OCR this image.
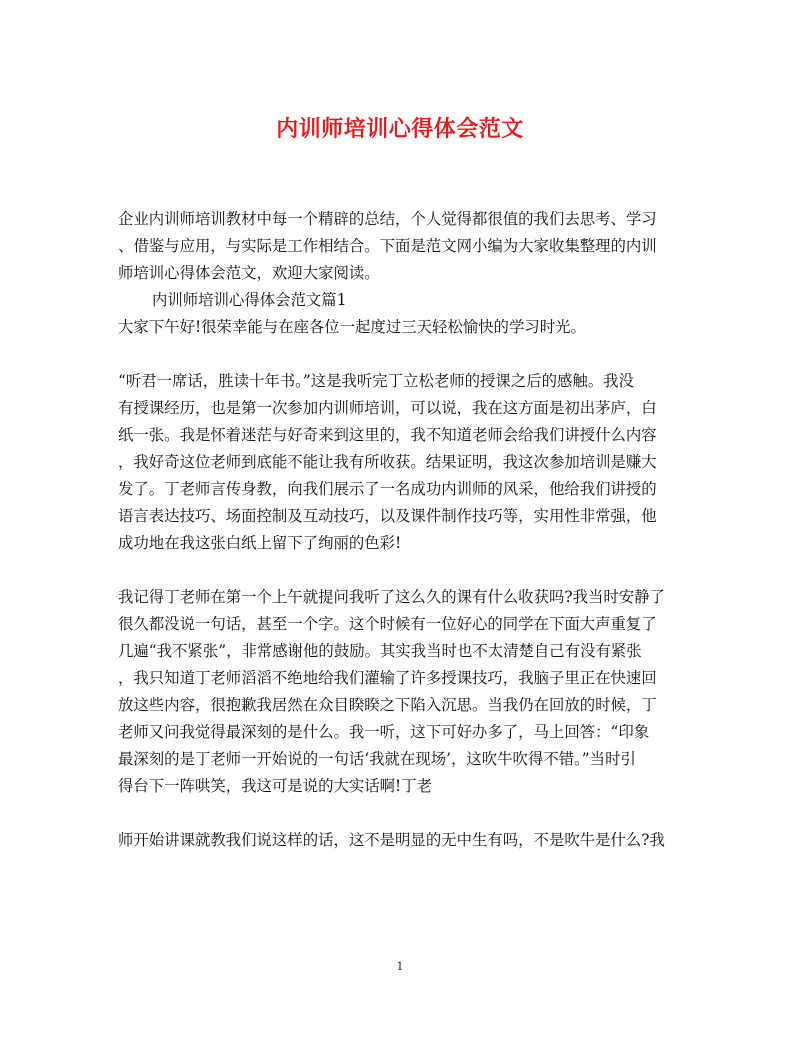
内训师培训心得体会范文
企业内训师培训教材中每一个精辟的总结，个人觉得都很值的我们去思考、学习
、借鉴与应用，与实际是工作相结合。下面是范文网小编为大家收集整理的内训
师培训心得体会范文，欢迎大家阅读。
内训师培训心得体会范文篇1
大家下午好!很荣幸能与在座各位一起度过三天轻松愉快的学习时光。
“听君一席话，胜读十年书。”这是我听完丁立松老师的授课之后的感触。我没
有授课经历，也是第一次参加内训师培训，可以说，我在这方面是初出茅庐，白
纸一张。我是怀着迷茫与好奇来到这里的，我不知道老师会给我们讲授什么内容
，我好奇这位老师到底能不能让我有所收获。结果证明，我这次参加培训是赚大
发了。丁老师言传身教，向我们展示了一名成功内训师的风采，他给我们讲授的
语言表达技巧、场面控制及互动技巧，以及课件制作技巧等，实用性非常强，他
成功地在我这张白纸上留下了绚丽的色彩!
我记得丁老师在第一个上午就提问我听了这么久的课有什么收获吗?我当时安静了
很久都没说一句话，甚至一个字。这个时候有一位好心的同学在下面大声重复了
几遍“我不紧张”，非常感谢他的鼓励。其实我当时也不太清楚自己有没有紧张
，我只知道丁老师滔滔不绝地给我们灌输了许多授课技巧，我脑子里正在快速回
放这些内容，很抱歉我居然在众目睽睽之下陷入沉思。当我仍在回放的时候，丁
老师又问我觉得最深刻的是什么。我一听，这下可好办多了，马上回答：“印象
最深刻的是丁老师一开始说的一句话‘我就在现场’，这吹牛吹得不错。”当时引
得台下一阵哄笑，我这可是说的大实话啊!丁老
师开始讲课就教我们说这样的话，这不是明显的无中生有吗，不是吹牛是什么?我
1
